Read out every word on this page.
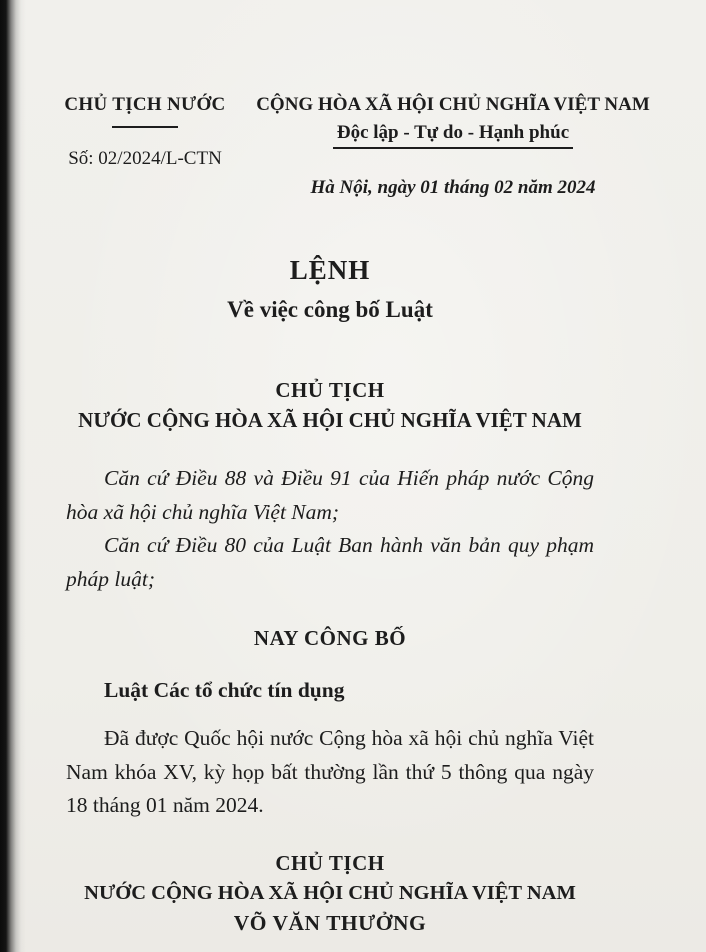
CHỦ TỊCH NƯỚC
Số: 02/2024/L-CTN
CỘNG HÒA XÃ HỘI CHỦ NGHĨA VIỆT NAM
Độc lập - Tự do - Hạnh phúc
Hà Nội, ngày 01 tháng 02 năm 2024
LỆNH
Về việc công bố Luật
CHỦ TỊCH
NƯỚC CỘNG HÒA XÃ HỘI CHỦ NGHĨA VIỆT NAM

Căn cứ Điều 88 và Điều 91 của Hiến pháp nước Cộng hòa xã hội chủ nghĩa Việt Nam;

Căn cứ Điều 80 của Luật Ban hành văn bản quy phạm pháp luật;

NAY CÔNG BỐ
Luật Các tổ chức tín dụng

Đã được Quốc hội nước Cộng hòa xã hội chủ nghĩa Việt Nam khóa XV, kỳ họp bất thường lần thứ 5 thông qua ngày 18 tháng 01 năm 2024.

CHỦ TỊCH
NƯỚC CỘNG HÒA XÃ HỘI CHỦ NGHĨA VIỆT NAM
VÕ VĂN THƯỞNG
